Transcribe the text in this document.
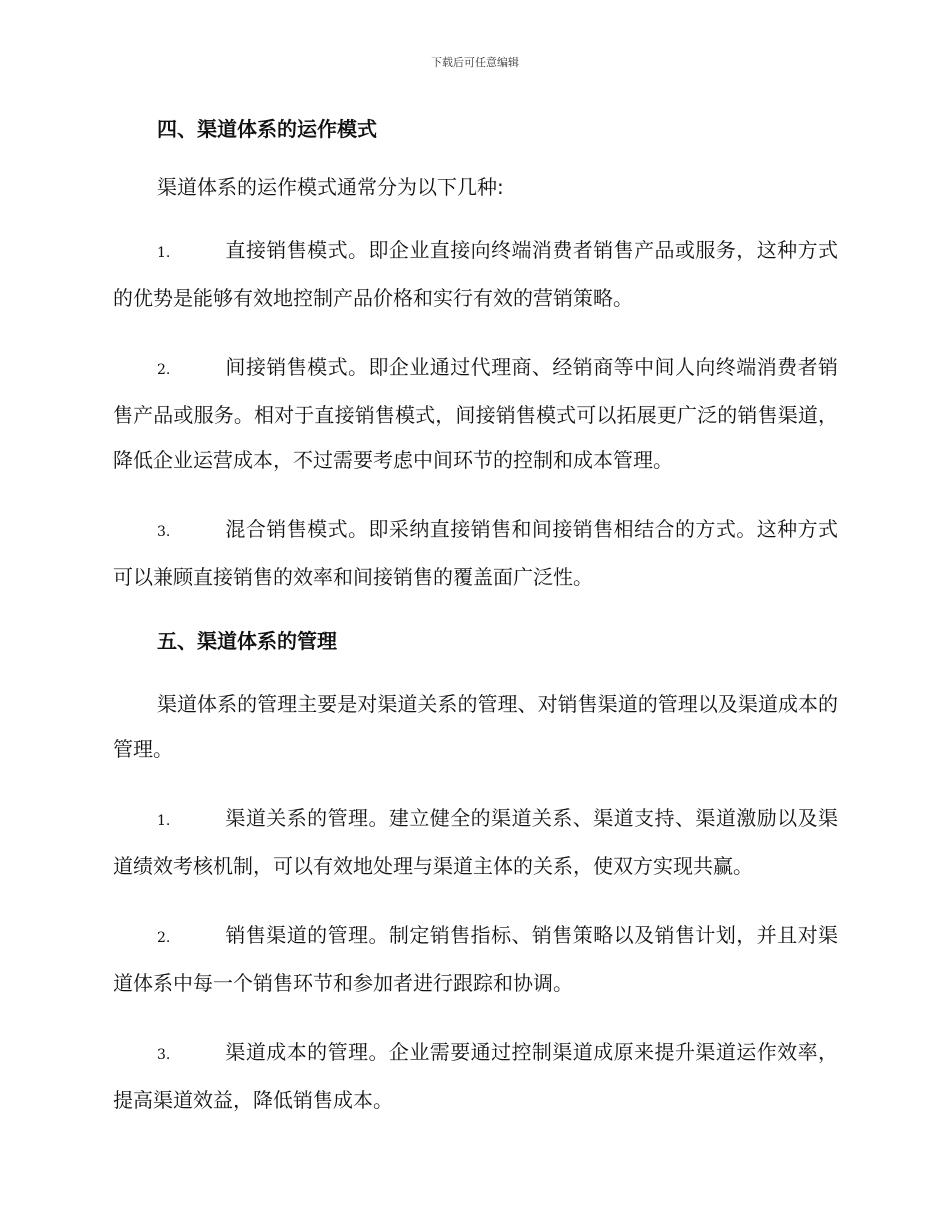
下载后可任意编辑
四、渠道体系的运作模式
渠道体系的运作模式通常分为以下几种:
1.	直接销售模式。即企业直接向终端消费者销售产品或服务，这种方式的优势是能够有效地控制产品价格和实行有效的营销策略。
2.	间接销售模式。即企业通过代理商、经销商等中间人向终端消费者销售产品或服务。相对于直接销售模式，间接销售模式可以拓展更广泛的销售渠道，降低企业运营成本，不过需要考虑中间环节的控制和成本管理。
3.	混合销售模式。即采纳直接销售和间接销售相结合的方式。这种方式可以兼顾直接销售的效率和间接销售的覆盖面广泛性。
五、渠道体系的管理
渠道体系的管理主要是对渠道关系的管理、对销售渠道的管理以及渠道成本的管理。
1.	渠道关系的管理。建立健全的渠道关系、渠道支持、渠道激励以及渠道绩效考核机制，可以有效地处理与渠道主体的关系，使双方实现共赢。
2.	销售渠道的管理。制定销售指标、销售策略以及销售计划，并且对渠道体系中每一个销售环节和参加者进行跟踪和协调。
3.	渠道成本的管理。企业需要通过控制渠道成原来提升渠道运作效率，提高渠道效益，降低销售成本。
